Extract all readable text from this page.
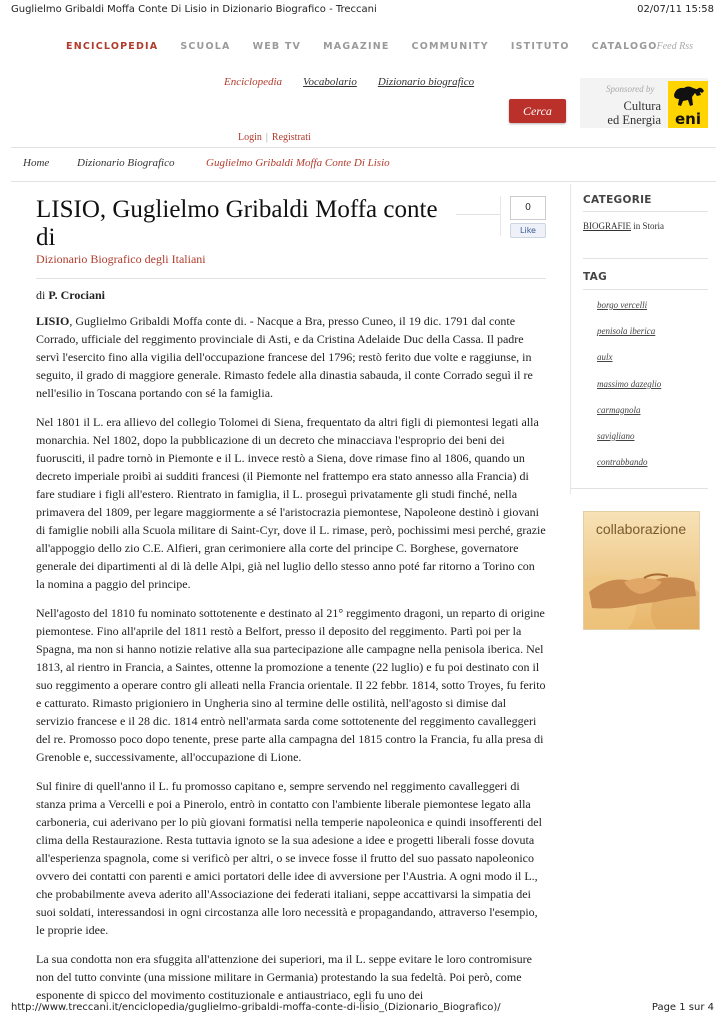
Guglielmo Gribaldi Moffa Conte Di Lisio in Dizionario Biografico - Treccani	02/07/11 15:58
ENCICLOPEDIA SCUOLA WEB TV MAGAZINE COMMUNITY ISTITUTO CATALOGO Feed Rss
Enciclopedia Vocabolario Dizionario biografico
Cerca
Sponsored by
Cultura
ed Energia eni
Login | Registrati
Home	Dizionario Biografico	Guglielmo Gribaldi Moffa Conte Di Lisio
LISIO, Guglielmo Gribaldi Moffa conte di
Dizionario Biografico degli Italiani
0
Like
di P. Crociani

LISIO, Guglielmo Gribaldi Moffa conte di. - Nacque a Bra, presso Cuneo, il 19 dic. 1791 dal conte Corrado, ufficiale del reggimento provinciale di Asti, e da Cristina Adelaide Duc della Cassa. Il padre servì l'esercito fino alla vigilia dell'occupazione francese del 1796; restò ferito due volte e raggiunse, in seguito, il grado di maggiore generale. Rimasto fedele alla dinastia sabauda, il conte Corrado seguì il re nell'esilio in Toscana portando con sé la famiglia.

Nel 1801 il L. era allievo del collegio Tolomei di Siena, frequentato da altri figli di piemontesi legati alla monarchia. Nel 1802, dopo la pubblicazione di un decreto che minacciava l'esproprio dei beni dei fuorusciti, il padre tornò in Piemonte e il L. invece restò a Siena, dove rimase fino al 1806, quando un decreto imperiale proibì ai sudditi francesi (il Piemonte nel frattempo era stato annesso alla Francia) di fare studiare i figli all'estero. Rientrato in famiglia, il L. proseguì privatamente gli studi finché, nella primavera del 1809, per legare maggiormente a sé l'aristocrazia piemontese, Napoleone destinò i giovani di famiglie nobili alla Scuola militare di Saint-Cyr, dove il L. rimase, però, pochissimi mesi perché, grazie all'appoggio dello zio C.E. Alfieri, gran cerimoniere alla corte del principe C. Borghese, governatore generale dei dipartimenti al di là delle Alpi, già nel luglio dello stesso anno poté far ritorno a Torino con la nomina a paggio del principe.

Nell'agosto del 1810 fu nominato sottotenente e destinato al 21° reggimento dragoni, un reparto di origine piemontese. Fino all'aprile del 1811 restò a Belfort, presso il deposito del reggimento. Partì poi per la Spagna, ma non si hanno notizie relative alla sua partecipazione alle campagne nella penisola iberica. Nel 1813, al rientro in Francia, a Saintes, ottenne la promozione a tenente (22 luglio) e fu poi destinato con il suo reggimento a operare contro gli alleati nella Francia orientale. Il 22 febbr. 1814, sotto Troyes, fu ferito e catturato. Rimasto prigioniero in Ungheria sino al termine delle ostilità, nell'agosto si dimise dal servizio francese e il 28 dic. 1814 entrò nell'armata sarda come sottotenente del reggimento cavalleggeri del re. Promosso poco dopo tenente, prese parte alla campagna del 1815 contro la Francia, fu alla presa di Grenoble e, successivamente, all'occupazione di Lione.

Sul finire di quell'anno il L. fu promosso capitano e, sempre servendo nel reggimento cavalleggeri di stanza prima a Vercelli e poi a Pinerolo, entrò in contatto con l'ambiente liberale piemontese legato alla carboneria, cui aderivano per lo più giovani formatisi nella temperie napoleonica e quindi insofferenti del clima della Restaurazione. Resta tuttavia ignoto se la sua adesione a idee e progetti liberali fosse dovuta all'esperienza spagnola, come si verificò per altri, o se invece fosse il frutto del suo passato napoleonico ovvero dei contatti con parenti e amici portatori delle idee di avversione per l'Austria. A ogni modo il L., che probabilmente aveva aderito all'Associazione dei federati italiani, seppe accattivarsi la simpatia dei suoi soldati, interessandosi in ogni circostanza alle loro necessità e propagandando, attraverso l'esempio, le proprie idee.

La sua condotta non era sfuggita all'attenzione dei superiori, ma il L. seppe evitare le loro contromisure non del tutto convinte (una missione militare in Germania) protestando la sua fedeltà. Poi però, come esponente di spicco del movimento costituzionale e antiaustriaco, egli fu uno dei

CATEGORIE
BIOGRAFIE in Storia
TAG
borgo vercelli
penisola iberica
aulx
massimo dazeglio
carmagnola
savigliano
contrabbando
collaborazione
http://www.treccani.it/enciclopedia/guglielmo-gribaldi-moffa-conte-di-lisio_(Dizionario_Biografico)/	Page 1 sur 4
